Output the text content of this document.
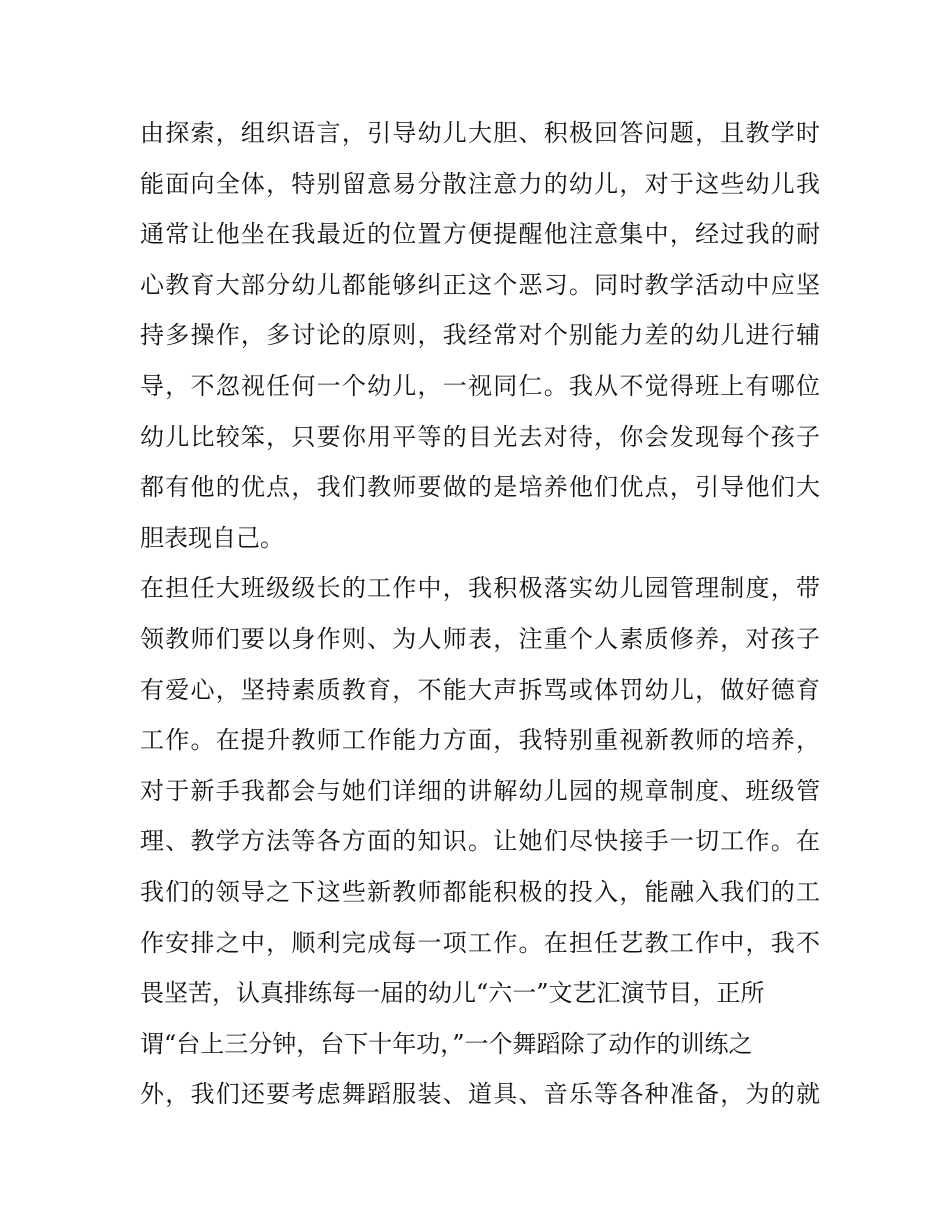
由探索，组织语言，引导幼儿大胆、积极回答问题，且教学时
能面向全体，特别留意易分散注意力的幼儿，对于这些幼儿我
通常让他坐在我最近的位置方便提醒他注意集中，经过我的耐
心教育大部分幼儿都能够纠正这个恶习。同时教学活动中应坚
持多操作，多讨论的原则，我经常对个别能力差的幼儿进行辅
导，不忽视任何一个幼儿，一视同仁。我从不觉得班上有哪位
幼儿比较笨，只要你用平等的目光去对待，你会发现每个孩子
都有他的优点，我们教师要做的是培养他们优点，引导他们大
胆表现自己。
在担任大班级级长的工作中，我积极落实幼儿园管理制度，带
领教师们要以身作则、为人师表，注重个人素质修养，对孩子
有爱心，坚持素质教育，不能大声拆骂或体罚幼儿，做好德育
工作。在提升教师工作能力方面，我特别重视新教师的培养，
对于新手我都会与她们详细的讲解幼儿园的规章制度、班级管
理、教学方法等各方面的知识。让她们尽快接手一切工作。在
我们的领导之下这些新教师都能积极的投入，能融入我们的工
作安排之中，顺利完成每一项工作。在担任艺教工作中，我不
畏坚苦，认真排练每一届的幼儿“六一”文艺汇演节目，正所
谓“台上三分钟，台下十年功，”一个舞蹈除了动作的训练之
外，我们还要考虑舞蹈服装、道具、音乐等各种准备，为的就
